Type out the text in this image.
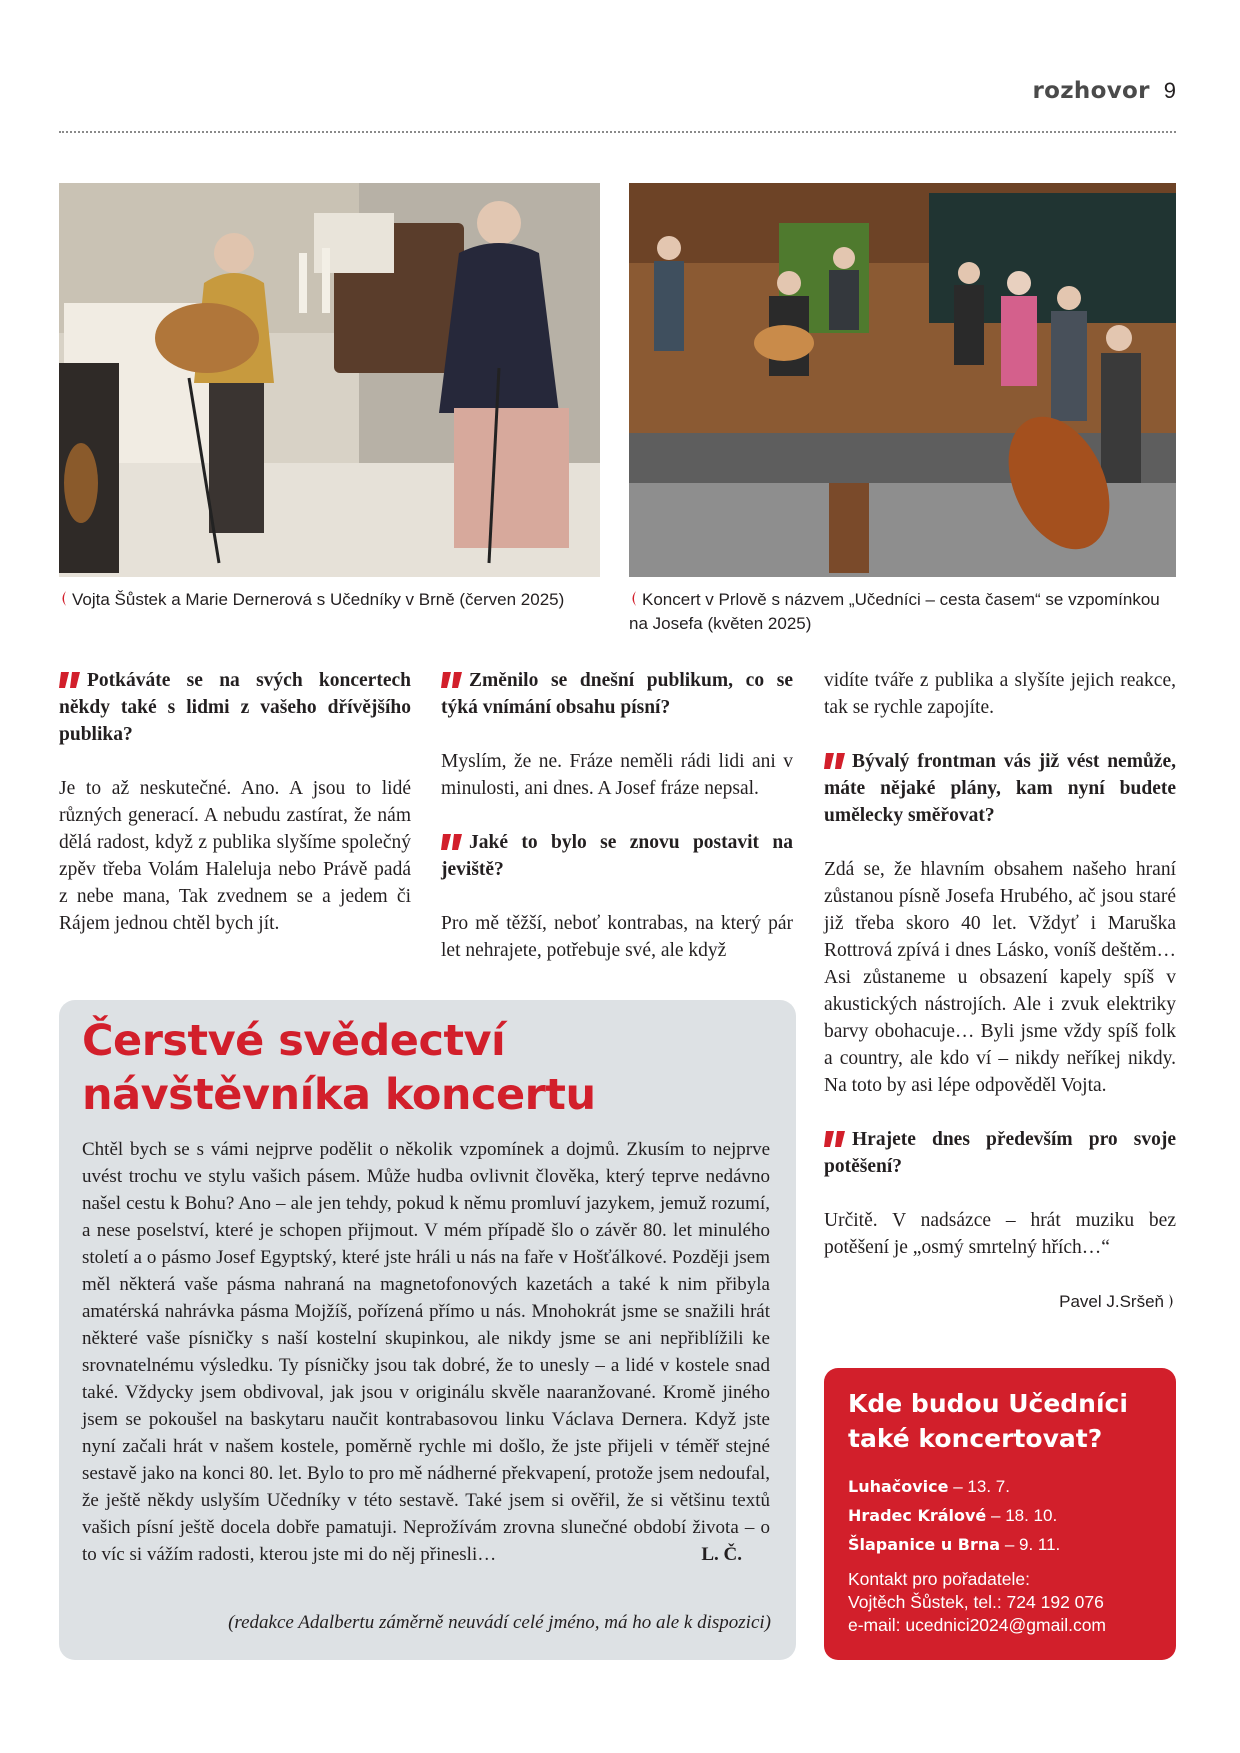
rozhovor 9
Vojta Šůstek a Marie Dernerová s Učedníky v Brně (červen 2025)	Koncert v Prlově s názvem „Učedníci – cesta časem“ se vzpomínkou na Josefa (květen 2025)

Potkáváte se na svých koncertech někdy také s lidmi z vašeho dřívějšího publika?

Je to až neskutečné. Ano. A jsou to lidé různých generací. A nebudu zastírat, že nám dělá radost, když z publika slyšíme společný zpěv třeba Volám Haleluja nebo Právě padá z nebe mana, Tak zvednem se a jedem či Rájem jednou chtěl bych jít.

Změnilo se dnešní publikum, co se týká vnímání obsahu písní?

Myslím, že ne. Fráze neměli rádi lidi ani v minulosti, ani dnes. A Josef fráze nepsal.

Jaké to bylo se znovu postavit na jeviště?

Pro mě těžší, neboť kontrabas, na který pár let nehrajete, potřebuje své, ale když

vidíte tváře z publika a slyšíte jejich reakce, tak se rychle zapojíte.

Bývalý frontman vás již vést nemůže, máte nějaké plány, kam nyní budete umělecky směřovat?

Zdá se, že hlavním obsahem našeho hraní zůstanou písně Josefa Hrubého, ač jsou staré již třeba skoro 40 let. Vždyť i Maruška Rottrová zpívá i dnes Lásko, voníš deštěm… Asi zůstaneme u obsazení kapely spíš v akustických nástrojích. Ale i zvuk elektriky barvy obohacuje… Byli jsme vždy spíš folk a country, ale kdo ví – nikdy neříkej nikdy. Na toto by asi lépe odpověděl Vojta.

Hrajete dnes především pro svoje potěšení?

Určitě. V nadsázce – hrát muziku bez potěšení je „osmý smrtelný hřích…“

Pavel J.Sršeň

Čerstvé svědectví
návštěvníka koncertu
Chtěl bych se s vámi nejprve podělit o několik vzpomínek a dojmů. Zkusím to nejprve uvést trochu ve stylu vašich pásem. Může hudba ovlivnit člověka, který teprve nedávno našel cestu k Bohu? Ano – ale jen tehdy, pokud k němu promluví jazykem, jemuž rozumí, a nese poselství, které je schopen přijmout. V mém případě šlo o závěr 80. let minulého století a o pásmo Josef Egyptský, které jste hráli u nás na faře v Hošťálkové. Později jsem měl některá vaše pásma nahraná na magnetofonových kazetách a také k nim přibyla amatérská nahrávka pásma Mojžíš, pořízená přímo u nás. Mnohokrát jsme se snažili hrát některé vaše písničky s naší kostelní skupinkou, ale nikdy jsme se ani nepřiblížili ke srovnatelnému výsledku. Ty písničky jsou tak dobré, že to unesly – a lidé v kostele snad také. Vždycky jsem obdivoval, jak jsou v originálu skvěle naaranžované. Kromě jiného jsem se pokoušel na baskytaru naučit kontrabasovou linku Václava Dernera. Když jste nyní začali hrát v našem kostele, poměrně rychle mi došlo, že jste přijeli v téměř stejné sestavě jako na konci 80. let. Bylo to pro mě nádherné překvapení, protože jsem nedoufal, že ještě někdy uslyším Učedníky v této sestavě. Také jsem si ověřil, že si většinu textů vašich písní ještě docela dobře pamatuji. Neprožívám zrovna slunečné období života – o to víc si vážím radosti, kterou jste mi do něj přinesli…	L. Č.
(redakce Adalbertu záměrně neuvádí celé jméno, má ho ale k dispozici)
Kde budou Učedníci
také koncertovat?
Luhačovice – 13. 7.
Hradec Králové – 18. 10.
Šlapanice u Brna – 9. 11.
Kontakt pro pořadatele:
Vojtěch Šůstek, tel.: 724 192 076
e-mail: ucednici2024@gmail.com
